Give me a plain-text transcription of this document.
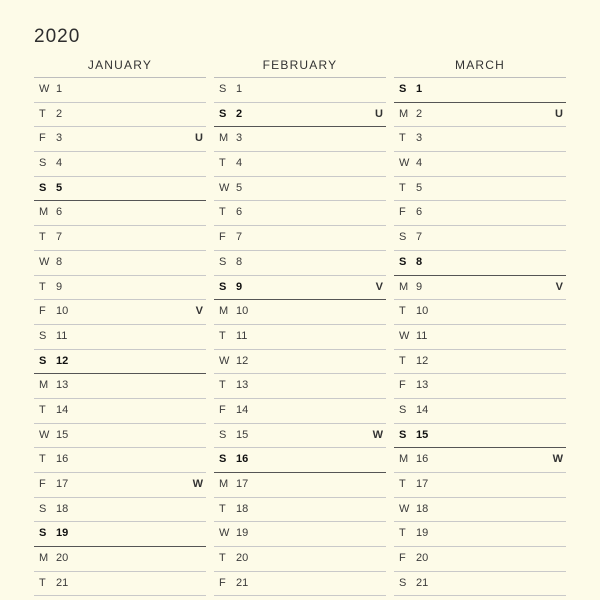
2020
JANUARY
W 1
T 2
F 3	U
S 4
S 5
M 6
T 7
W 8
T 9
F 10	V
S 11
S 12
M 13
T 14
W 15
T 16
F 17	W
S 18
S 19
M 20
T 21
FEBRUARY
S 1
S 2	U
M 3
T 4
W 5
T 6
F 7
S 8
S 9	V
M 10
T 11
W 12
T 13
F 14
S 15	W
S 16
M 17
T 18
W 19
T 20
F 21
MARCH
S 1
M 2	U
T 3
W 4
T 5
F 6
S 7
S 8
M 9	V
T 10
W 11
T 12
F 13
S 14
S 15
M 16	W
T 17
W 18
T 19
F 20
S 21
